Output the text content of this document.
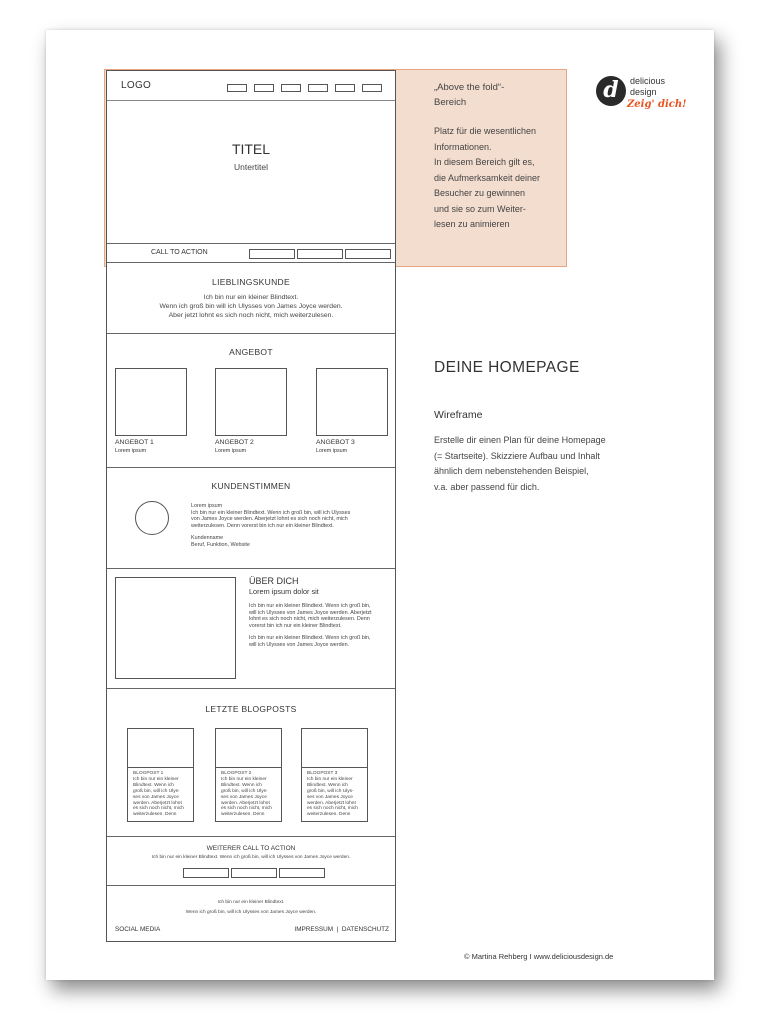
LOGO
TITEL
Untertitel
CALL TO ACTION
LIEBLINGSKUNDE
Ich bin nur ein kleiner Blindtext.
Wenn ich groß bin will ich Ulysses von James Joyce werden.
Aber jetzt lohnt es sich noch nicht, mich weiterzulesen.
ANGEBOT
ANGEBOT 1
Lorem ipsum
ANGEBOT 2
Lorem ipsum
ANGEBOT 3
Lorem ipsum
KUNDENSTIMMEN
Lorem ipsum
Ich bin nur ein kleiner Blindtext. Wenn ich groß bin, will ich Ulysses
von James Joyce werden. Aberjetzt lohnt es sich noch nicht, mich
weiterzulesen. Denn vorerst bin ich nur ein kleiner Blindtext.
Kundenname
Beruf, Funktion, Website
ÜBER DICH
Lorem ipsum dolor sit
Ich bin nur ein kleiner Blindtext. Wenn ich groß bin,
will ich Ulysses von James Joyce werden. Aberjetzt
lohnt es sich noch nicht, mich weiterzulesen. Denn
vorerst bin ich nur ein kleiner Blindtext.
Ich bin nur ein kleiner Blindtext. Wenn ich groß bin,
will ich Ulysses von James Joyce werden.
LETZTE BLOGPOSTS
BLOGPOST 1
Ich bin nur ein kleiner
Blindtext. Wenn ich
groß bin, will ich Ulys-
ses von James Joyce
werden. Aberjetzt lohnt
es sich noch nicht, mich
weiterzulesen. Denn
BLOGPOST 2
Ich bin nur ein kleiner
Blindtext. Wenn ich
groß bin, will ich Ulys-
ses von James Joyce
werden. Aberjetzt lohnt
es sich noch nicht, mich
weiterzulesen. Denn
BLOGPOST 3
Ich bin nur ein kleiner
Blindtext. Wenn ich
groß bin, will ich Ulys-
ses von James Joyce
werden. Aberjetzt lohnt
es sich noch nicht, mich
weiterzulesen. Denn
WEITERER CALL TO ACTION
Ich bin nur ein kleiner Blindtext. Wenn ich groß bin, will ich Ulysses von James Joyce werden.
Ich bin nur ein kleiner Blindtext.
Wenn ich groß bin, will ich Ulysses von James Joyce werden.
SOCIAL MEDIA	IMPRESSUM  |  DATENSCHUTZ
„Above the fold“-
Bereich
Platz für die wesentlichen
Informationen.
In diesem Bereich gilt es,
die Aufmerksamkeit deiner
Besucher zu gewinnen
und sie so zum Weiter-
lesen zu animieren
d	delicious
design
Zeig' dich!
DEINE HOMEPAGE
Wireframe
Erstelle dir einen Plan für deine Homepage
(= Startseite). Skizziere Aufbau und Inhalt
ähnlich dem nebenstehenden Beispiel,
v.a. aber passend für dich.
© Martina Rehberg I www.deliciousdesign.de
